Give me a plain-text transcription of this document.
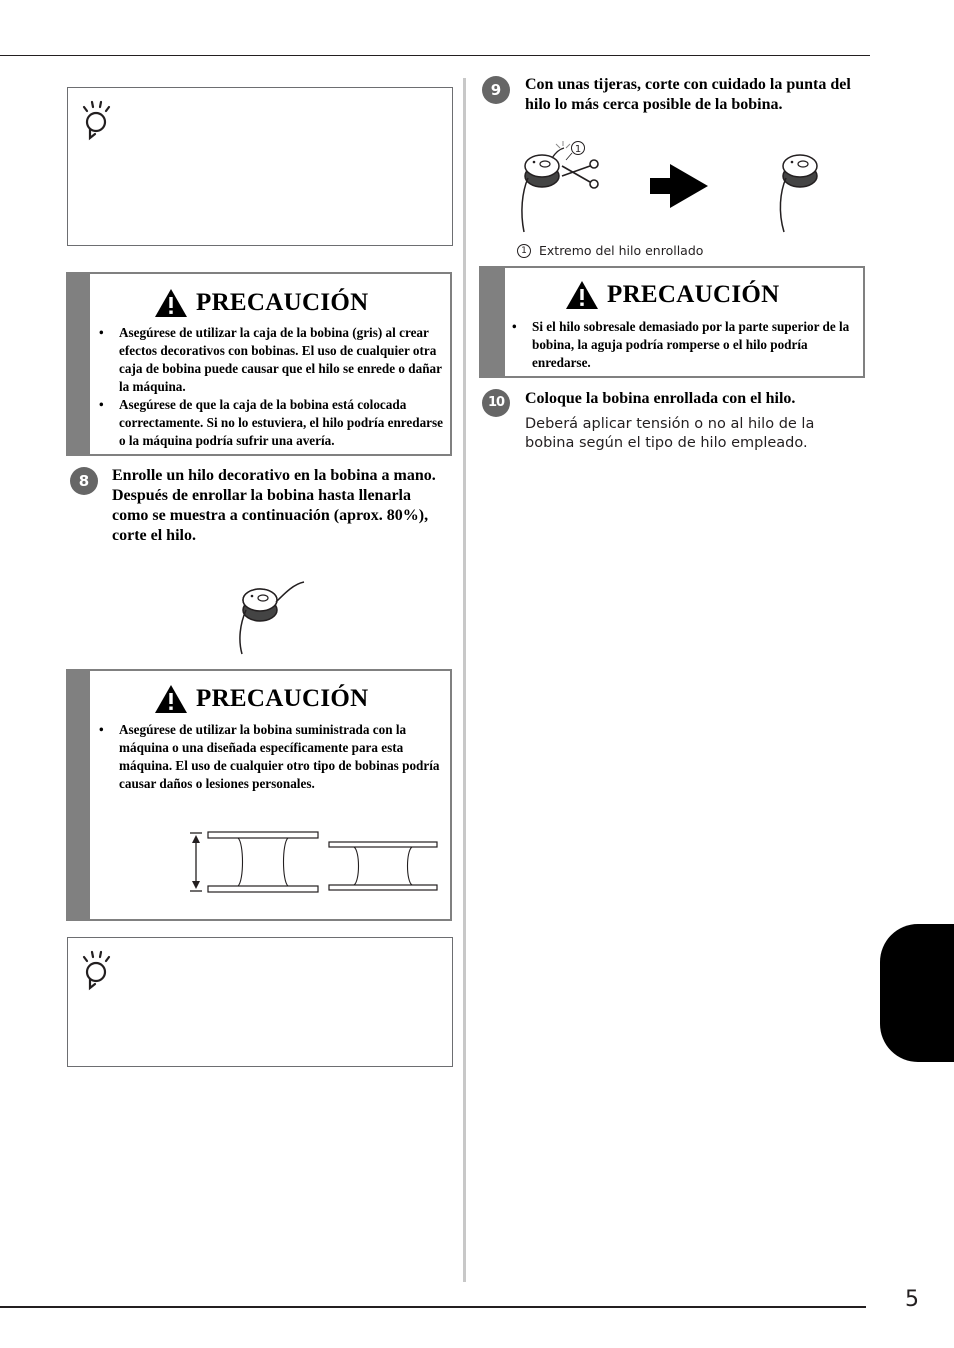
5
PRECAUCIÓN
• Asegúrese de utilizar la caja de la bobina (gris) al crear efectos decorativos con bobinas. El uso de cualquier otra caja de bobina puede causar que el hilo se enrede o dañar la máquina.
• Asegúrese de que la caja de la bobina está colocada correctamente. Si no lo estuviera, el hilo podría enredarse o la máquina podría sufrir una avería.
8	Enrolle un hilo decorativo en la bobina a mano. Después de enrollar la bobina hasta llenarla como se muestra a continuación (aprox. 80%), corte el hilo.
PRECAUCIÓN
• Asegúrese de utilizar la bobina suministrada con la máquina o una diseñada específicamente para esta máquina. El uso de cualquier otro tipo de bobinas podría causar daños o lesiones personales.
9	Con unas tijeras, corte con cuidado la punta del hilo lo más cerca posible de la bobina.
1
1 Extremo del hilo enrollado
PRECAUCIÓN
• Si el hilo sobresale demasiado por la parte superior de la bobina, la aguja podría romperse o el hilo podría enredarse.
10	Coloque la bobina enrollada con el hilo.
Deberá aplicar tensión o no al hilo de la bobina según el tipo de hilo empleado.
